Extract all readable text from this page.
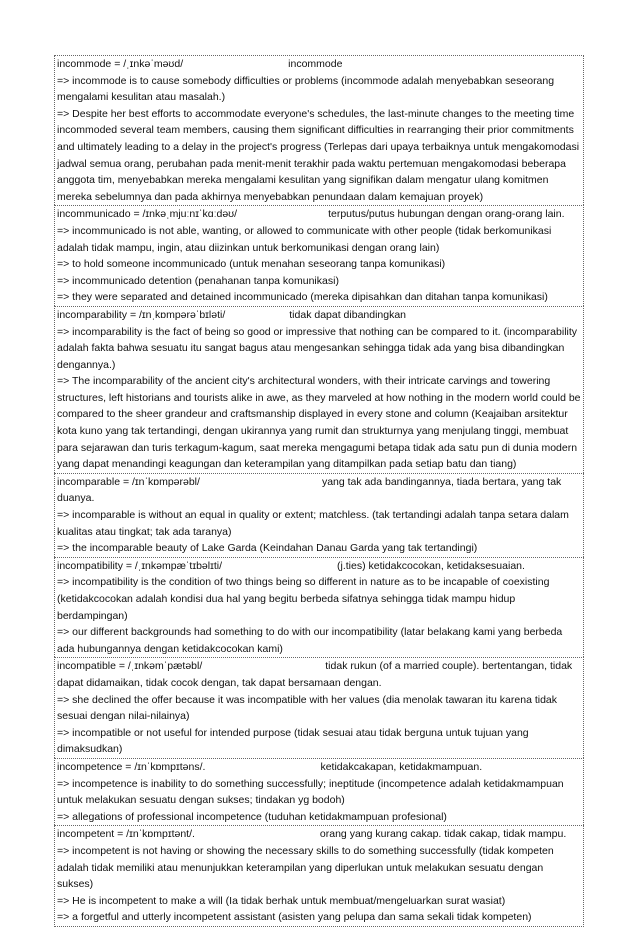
incommode = /ˌɪnkəˈməʊd/	incommode
=> incommode is to cause somebody difficulties or problems (incommode adalah menyebabkan seseorang mengalami kesulitan atau masalah.)
=> Despite her best efforts to accommodate everyone's schedules, the last-minute changes to the meeting time incommoded several team members, causing them significant difficulties in rearranging their prior commitments and ultimately leading to a delay in the project's progress (Terlepas dari upaya terbaiknya untuk mengakomodasi jadwal semua orang, perubahan pada menit-menit terakhir pada waktu pertemuan mengakomodasi beberapa anggota tim, menyebabkan mereka mengalami kesulitan yang signifikan dalam mengatur ulang komitmen mereka sebelumnya dan pada akhirnya menyebabkan penundaan dalam kemajuan proyek)
incommunicado = /ɪnkəˌmjuːnɪˈkɑːdəʊ/	terputus/putus hubungan dengan orang-orang lain.
=> incommunicado is not able, wanting, or allowed to communicate with other people (tidak berkomunikasi adalah tidak mampu, ingin, atau diizinkan untuk berkomunikasi dengan orang lain)
=> to hold someone incommunicado (untuk menahan seseorang tanpa komunikasi)
=> incommunicado detention (penahanan tanpa komunikasi)
=> they were separated and detained incommunicado (mereka dipisahkan dan ditahan tanpa komunikasi)
incomparability = /ɪnˌkɒmpərəˈbɪləti/	tidak dapat dibandingkan
=> incomparability is the fact of being so good or impressive that nothing can be compared to it. (incomparability adalah fakta bahwa sesuatu itu sangat bagus atau mengesankan sehingga tidak ada yang bisa dibandingkan dengannya.)
=> The incomparability of the ancient city's architectural wonders, with their intricate carvings and towering structures, left historians and tourists alike in awe, as they marveled at how nothing in the modern world could be compared to the sheer grandeur and craftsmanship displayed in every stone and column (Keajaiban arsitektur kota kuno yang tak tertandingi, dengan ukirannya yang rumit dan strukturnya yang menjulang tinggi, membuat para sejarawan dan turis terkagum-kagum, saat mereka mengagumi betapa tidak ada satu pun di dunia modern yang dapat menandingi keagungan dan keterampilan yang ditampilkan pada setiap batu dan tiang)
incomparable = /ɪnˈkɒmpərəbl/	yang tak ada bandingannya, tiada bertara, yang tak duanya.
=> incomparable is without an equal in quality or extent; matchless. (tak tertandingi adalah tanpa setara dalam kualitas atau tingkat; tak ada taranya)
=> the incomparable beauty of Lake Garda (Keindahan Danau Garda yang tak tertandingi)
incompatibility = /ˌɪnkəmpæˈtɪbəlɪti/	(j.ties) ketidakcocokan, ketidaksesuaian.
=> incompatibility is the condition of two things being so different in nature as to be incapable of coexisting (ketidakcocokan adalah kondisi dua hal yang begitu berbeda sifatnya sehingga tidak mampu hidup berdampingan)
=> our different backgrounds had something to do with our incompatibility (latar belakang kami yang berbeda ada hubungannya dengan ketidakcocokan kami)
incompatible = /ˌɪnkəmˈpætəbl/	tidak rukun (of a married couple). bertentangan, tidak dapat didamaikan, tidak cocok dengan, tak dapat bersamaan dengan.
=> she declined the offer because it was incompatible with her values (dia menolak tawaran itu karena tidak sesuai dengan nilai-nilainya)
=> incompatible or not useful for intended purpose (tidak sesuai atau tidak berguna untuk tujuan yang dimaksudkan)
incompetence = /ɪnˈkɒmpɪtəns/.	ketidakcakapan, ketidakmampuan.
=> incompetence is inability to do something successfully; ineptitude (incompetence adalah ketidakmampuan untuk melakukan sesuatu dengan sukses; tindakan yg bodoh)
=> allegations of professional incompetence (tuduhan ketidakmampuan profesional)
incompetent = /ɪnˈkɒmpɪtənt/.	orang yang kurang cakap. tidak cakap, tidak mampu.
=> incompetent is not having or showing the necessary skills to do something successfully (tidak kompeten adalah tidak memiliki atau menunjukkan keterampilan yang diperlukan untuk melakukan sesuatu dengan sukses)
=> He is incompetent to make a will (Ia tidak berhak untuk membuat/mengeluarkan surat wasiat)
=> a forgetful and utterly incompetent assistant (asisten yang pelupa dan sama sekali tidak kompeten)
